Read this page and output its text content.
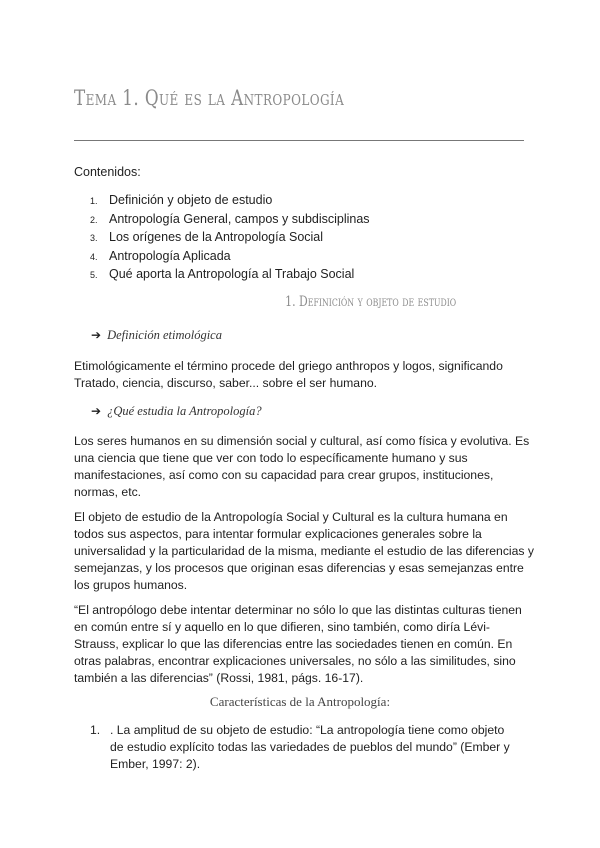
Tema 1. Qué es la Antropología
Contenidos:
1. Definición y objeto de estudio
2. Antropología General, campos y subdisciplinas
3. Los orígenes de la Antropología Social
4. Antropología Aplicada
5. Qué aporta la Antropología al Trabajo Social
1. Definición y objeto de estudio
➔ Definición etimológica

Etimológicamente el término procede del griego anthropos y logos, significando Tratado, ciencia, discurso, saber... sobre el ser humano.

➔ ¿Qué estudia la Antropología?

Los seres humanos en su dimensión social y cultural, así como física y evolutiva. Es una ciencia que tiene que ver con todo lo específicamente humano y sus manifestaciones, así como con su capacidad para crear grupos, instituciones, normas, etc.

El objeto de estudio de la Antropología Social y Cultural es la cultura humana en todos sus aspectos, para intentar formular explicaciones generales sobre la universalidad y la particularidad de la misma, mediante el estudio de las diferencias y semejanzas, y los procesos que originan esas diferencias y esas semejanzas entre los grupos humanos.

“El antropólogo debe intentar determinar no sólo lo que las distintas culturas tienen en común entre sí y aquello en lo que difieren, sino también, como diría Lévi-Strauss, explicar lo que las diferencias entre las sociedades tienen en común. En otras palabras, encontrar explicaciones universales, no sólo a las similitudes, sino también a las diferencias” (Rossi, 1981, págs. 16-17).

Características de la Antropología:
1. . La amplitud de su objeto de estudio: “La antropología tiene como objeto de estudio explícito todas las variedades de pueblos del mundo” (Ember y Ember, 1997: 2).
